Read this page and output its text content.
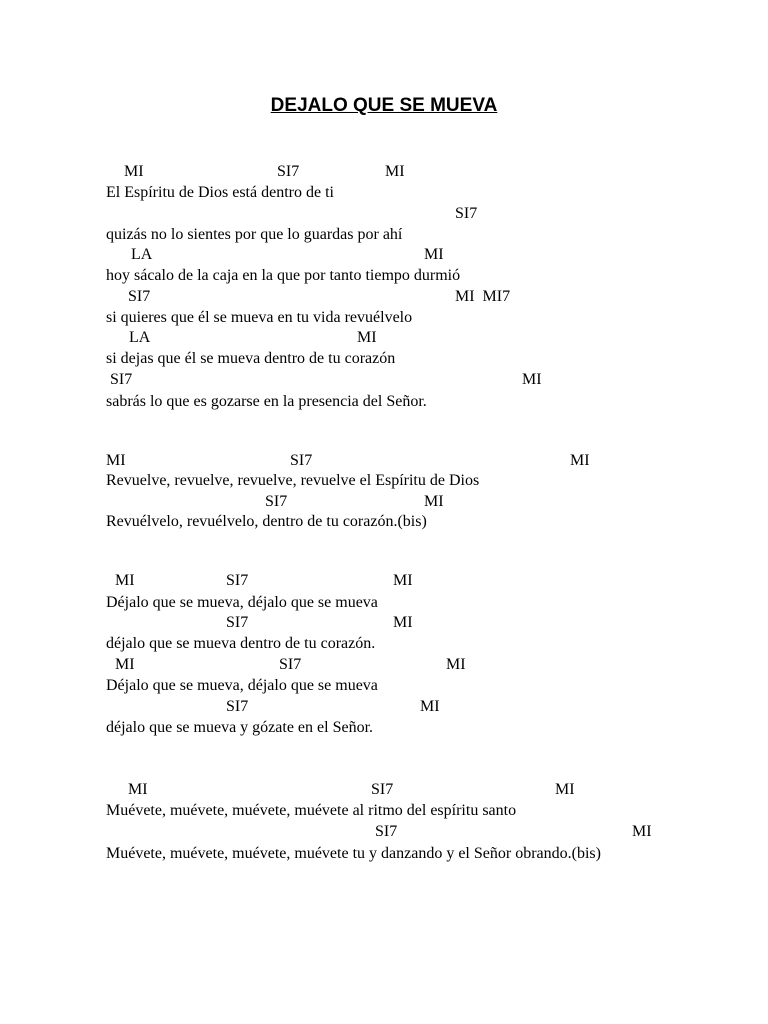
DEJALO QUE SE MUEVA
MI	SI7	MI
El Espíritu de Dios está dentro de ti
SI7
quizás no lo sientes por que lo guardas por ahí
LA	MI
hoy sácalo de la caja en la que por tanto tiempo durmió
SI7	MI  MI7
si quieres que él se mueva en tu vida revuélvelo
LA	MI
si dejas que él se mueva dentro de tu corazón
SI7	MI
sabrás lo que es gozarse en la presencia del Señor.
MI	SI7	MI
Revuelve, revuelve, revuelve, revuelve el Espíritu de Dios
SI7	MI
Revuélvelo, revuélvelo, dentro de tu corazón.(bis)
MI	SI7	MI
Déjalo que se mueva, déjalo que se mueva
SI7	MI
déjalo que se mueva dentro de tu corazón.
MI	SI7	MI
Déjalo que se mueva, déjalo que se mueva
SI7	MI
déjalo que se mueva y gózate en el Señor.
MI	SI7	MI
Muévete, muévete, muévete, muévete al ritmo del espíritu santo
SI7	MI
Muévete, muévete, muévete, muévete tu y danzando y el Señor obrando.(bis)
